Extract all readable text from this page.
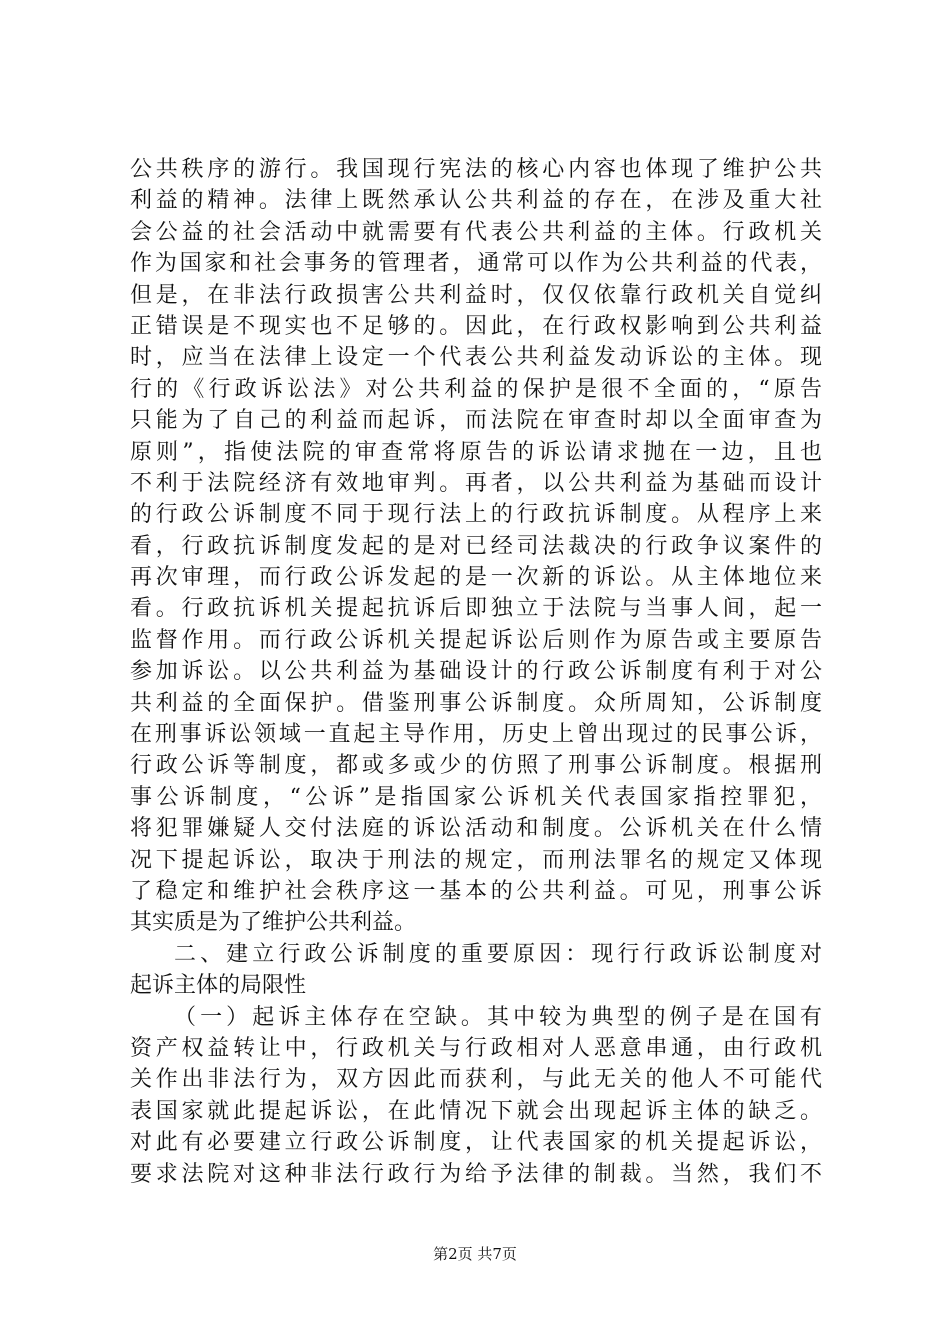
公共秩序的游行。我国现行宪法的核心内容也体现了维护公共
利益的精神。法律上既然承认公共利益的存在，在涉及重大社
会公益的社会活动中就需要有代表公共利益的主体。行政机关
作为国家和社会事务的管理者，通常可以作为公共利益的代表，
但是，在非法行政损害公共利益时，仅仅依靠行政机关自觉纠
正错误是不现实也不足够的。因此，在行政权影响到公共利益
时，应当在法律上设定一个代表公共利益发动诉讼的主体。现
行的《行政诉讼法》对公共利益的保护是很不全面的，“原告
只能为了自己的利益而起诉，而法院在审查时却以全面审查为
原则”，指使法院的审查常将原告的诉讼请求抛在一边，且也
不利于法院经济有效地审判。再者，以公共利益为基础而设计
的行政公诉制度不同于现行法上的行政抗诉制度。从程序上来
看，行政抗诉制度发起的是对已经司法裁决的行政争议案件的
再次审理，而行政公诉发起的是一次新的诉讼。从主体地位来
看。行政抗诉机关提起抗诉后即独立于法院与当事人间，起一
监督作用。而行政公诉机关提起诉讼后则作为原告或主要原告
参加诉讼。以公共利益为基础设计的行政公诉制度有利于对公
共利益的全面保护。借鉴刑事公诉制度。众所周知，公诉制度
在刑事诉讼领域一直起主导作用，历史上曾出现过的民事公诉，
行政公诉等制度，都或多或少的仿照了刑事公诉制度。根据刑
事公诉制度，“公诉”是指国家公诉机关代表国家指控罪犯，
将犯罪嫌疑人交付法庭的诉讼活动和制度。公诉机关在什么情
况下提起诉讼，取决于刑法的规定，而刑法罪名的规定又体现
了稳定和维护社会秩序这一基本的公共利益。可见，刑事公诉
其实质是为了维护公共利益。
二、建立行政公诉制度的重要原因：现行行政诉讼制度对
起诉主体的局限性
（一）起诉主体存在空缺。其中较为典型的例子是在国有
资产权益转让中，行政机关与行政相对人恶意串通，由行政机
关作出非法行为，双方因此而获利，与此无关的他人不可能代
表国家就此提起诉讼，在此情况下就会出现起诉主体的缺乏。
对此有必要建立行政公诉制度，让代表国家的机关提起诉讼，
要求法院对这种非法行政行为给予法律的制裁。当然，我们不
第2页 共7页
